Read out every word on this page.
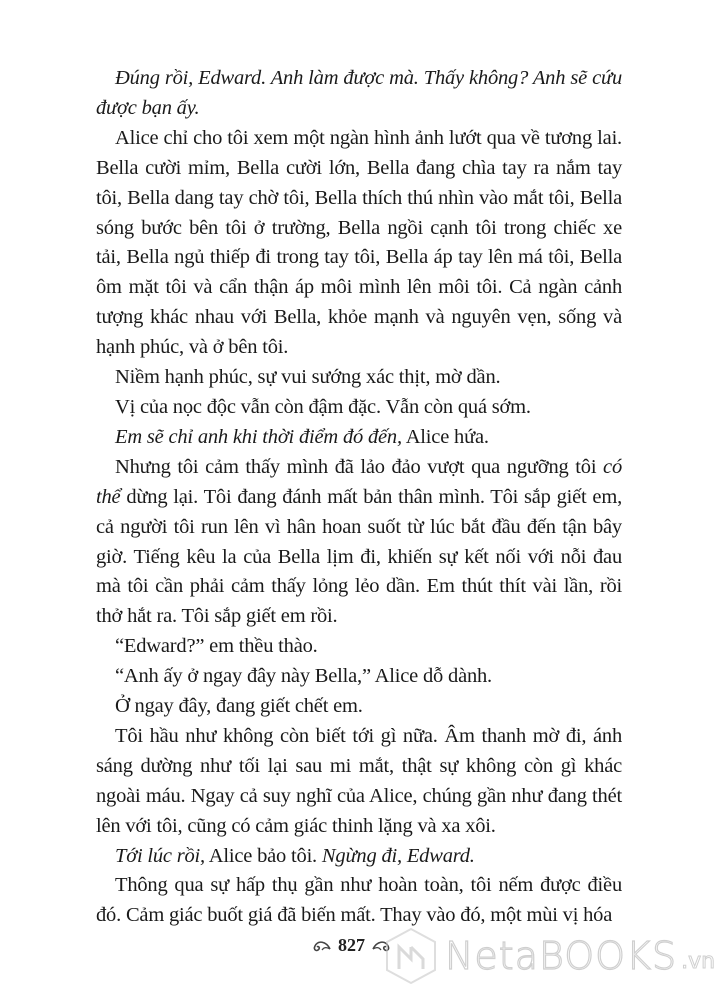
Đúng rồi, Edward. Anh làm được mà. Thấy không? Anh sẽ cứu được bạn ấy.

Alice chỉ cho tôi xem một ngàn hình ảnh lướt qua về tương lai. Bella cười mỉm, Bella cười lớn, Bella đang chìa tay ra nắm tay tôi, Bella dang tay chờ tôi, Bella thích thú nhìn vào mắt tôi, Bella sóng bước bên tôi ở trường, Bella ngồi cạnh tôi trong chiếc xe tải, Bella ngủ thiếp đi trong tay tôi, Bella áp tay lên má tôi, Bella ôm mặt tôi và cẩn thận áp môi mình lên môi tôi. Cả ngàn cảnh tượng khác nhau với Bella, khỏe mạnh và nguyên vẹn, sống và hạnh phúc, và ở bên tôi.

Niềm hạnh phúc, sự vui sướng xác thịt, mờ dần.

Vị của nọc độc vẫn còn đậm đặc. Vẫn còn quá sớm.

Em sẽ chỉ anh khi thời điểm đó đến, Alice hứa.

Nhưng tôi cảm thấy mình đã lảo đảo vượt qua ngưỡng tôi có thể dừng lại. Tôi đang đánh mất bản thân mình. Tôi sắp giết em, cả người tôi run lên vì hân hoan suốt từ lúc bắt đầu đến tận bây giờ. Tiếng kêu la của Bella lịm đi, khiến sự kết nối với nỗi đau mà tôi cần phải cảm thấy lỏng lẻo dần. Em thút thít vài lần, rồi thở hắt ra. Tôi sắp giết em rồi.

“Edward?” em thều thào.

“Anh ấy ở ngay đây này Bella,” Alice dỗ dành.

Ở ngay đây, đang giết chết em.

Tôi hầu như không còn biết tới gì nữa. Âm thanh mờ đi, ánh sáng dường như tối lại sau mi mắt, thật sự không còn gì khác ngoài máu. Ngay cả suy nghĩ của Alice, chúng gần như đang thét lên với tôi, cũng có cảm giác thinh lặng và xa xôi.

Tới lúc rồi, Alice bảo tôi. Ngừng đi, Edward.

Thông qua sự hấp thụ gần như hoàn toàn, tôi nếm được điều đó. Cảm giác buốt giá đã biến mất. Thay vào đó, một mùi vị hóa

827 NetaBOOKS .vn
